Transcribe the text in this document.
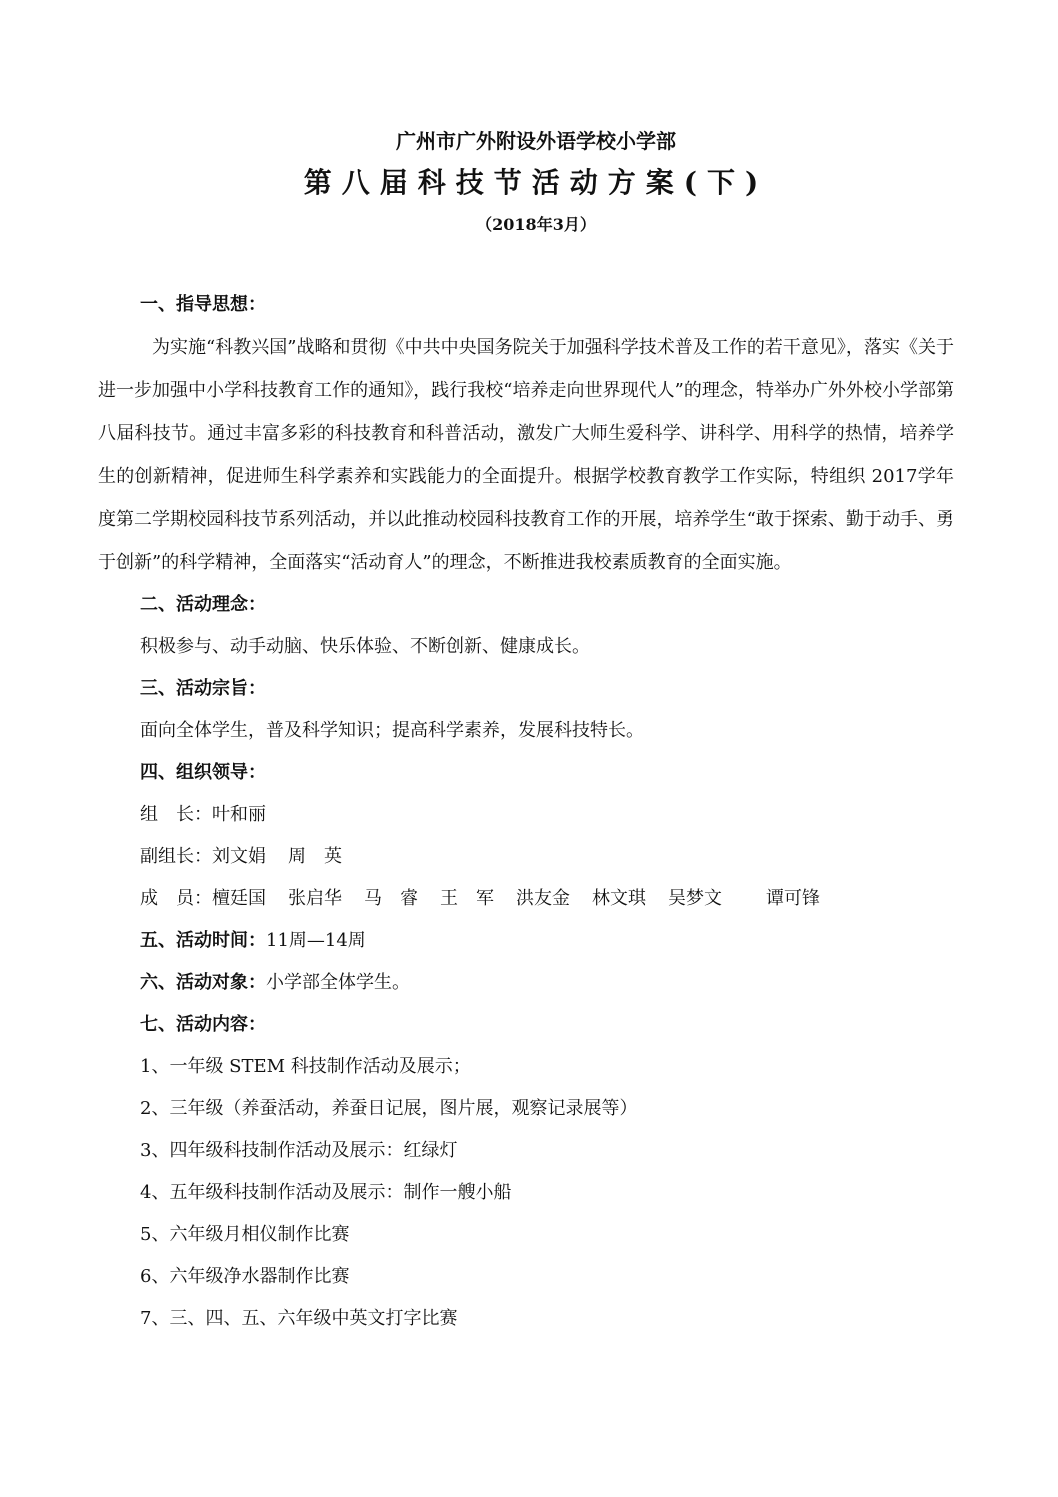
广州市广外附设外语学校小学部
第八届科技节活动方案(下)
（2018年3月）
一、指导思想：

为实施“科教兴国”战略和贯彻《中共中央国务院关于加强科学技术普及工作的若干意见》，落实《关于进一步加强中小学科技教育工作的通知》，践行我校“培养走向世界现代人”的理念，特举办广外外校小学部第八届科技节。通过丰富多彩的科技教育和科普活动，激发广大师生爱科学、讲科学、用科学的热情，培养学生的创新精神，促进师生科学素养和实践能力的全面提升。根据学校教育教学工作实际，特组织 2017学年度第二学期校园科技节系列活动，并以此推动校园科技教育工作的开展，培养学生“敢于探索、勤于动手、勇于创新”的科学精神，全面落实“活动育人”的理念，不断推进我校素质教育的全面实施。

二、活动理念：
积极参与、动手动脑、快乐体验、不断创新、健康成长。
三、活动宗旨：
面向全体学生，普及科学知识；提高科学素养，发展科技特长。
四、组织领导：
组　长：叶和丽
副组长：刘文娟 周　英
成　员：檀廷国 张启华 马　睿 王　军 洪友金 林文琪 吴梦文 谭可锋
五、活动时间：11周—14周
六、活动对象：小学部全体学生。
七、活动内容：
1、一年级 STEM 科技制作活动及展示；
2、三年级（养蚕活动，养蚕日记展，图片展，观察记录展等）
3、四年级科技制作活动及展示：红绿灯
4、五年级科技制作活动及展示：制作一艘小船
5、六年级月相仪制作比赛
6、六年级净水器制作比赛
7、三、四、五、六年级中英文打字比赛
